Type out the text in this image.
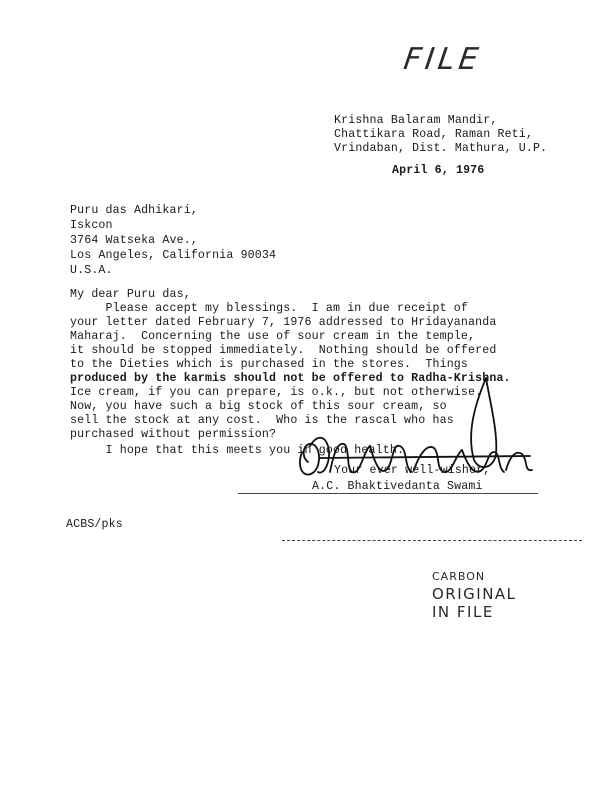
FILE
Krishna Balaram Mandir,
Chattikara Road, Raman Reti,
Vrindaban, Dist. Mathura, U.P.
April 6, 1976
Puru das Adhikari,
Iskcon
3764 Watseka Ave.,
Los Angeles, California 90034
U.S.A.
My dear Puru das,
Please accept my blessings.  I am in due receipt of
your letter dated February 7, 1976 addressed to Hridayananda
Maharaj.  Concerning the use of sour cream in the temple,
it should be stopped immediately.  Nothing should be offered
to the Dieties which is purchased in the stores.  Things
produced by the karmis should not be offered to Radha-Krishna.
Ice cream, if you can prepare, is o.k., but not otherwise.
Now, you have such a big stock of this sour cream, so
sell the stock at any cost.  Who is the rascal who has
purchased without permission?
I hope that this meets you in good health.
Your ever well-wisher,
A.C. Bhaktivedanta Swami
ACBS/pks
CARBON
ORIGINAL
IN FILE
